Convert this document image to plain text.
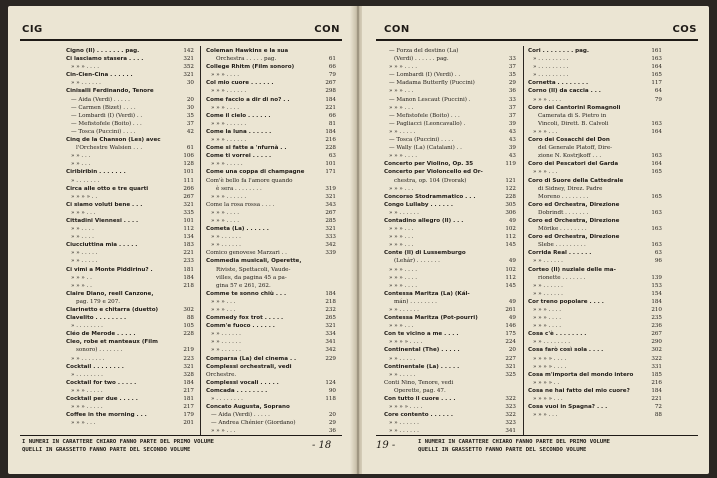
CIG	CON
Cigno (Il) . . . . . . . pag.	142
Ci lasciamo stasera . . . .	321
» » » . . . .	352
Cin-Cien-Cina . . . . . .	321
» » . . . . . .	30
Cinisalli Ferdinando, Tenore
— Aida (Verdi) . . . . .	20
— Carmen (Bizet) . . . .	30
— Lombardi (I) (Verdi) . .	35
— Mefistofele (Boito) . . .	37
— Tosca (Puccini) . . . .	42
Cinq de la Chanson (Les) avec
l'Orchestre Walsien . . .	61
» » . . .	106
» » . . .	128
Ciribiribin . . . . . . .	101
» . . . . . . .	111
Circa alle otto e tre quarti	266
» » » » . .	267
Ci siamo voluti bene . . .	321
» » » . . .	335
Cittadini Viennesi . . . .	101
» » . . . .	112
» » . . . .	134
Ciucciuttina mia . . . . .	183
» » . . . . .	221
» » . . . . .	233
Ci vimi a Monte Piddirinu? .	181
» » » . .	184
» » » . .	218
Claire Diano, reell Canzone,
pag. 179 e 207.
Clarinetto e chitarra (duetto)	302
Clavelito . . . . . . . .	88
» . . . . . . . .	105
Cléo de Merode . . . . .	228
Cleo, robe et manteaux (Film
sonoro) . . . . . . .	219
» » . . . . . . .	223
Cocktail . . . . . . . .	321
» . . . . . . . .	328
Cocktail for two . . . . .	184
» » » . . . . .	217
Cocktail per due . . . . .	181
» » » . . . . .	217
Coffee in the morning . . .	179
» » » . . .	201
Coleman Hawkins e la sua
Orchestra . . . . . pag.	61
College Rhitm (Film sonoro)	66
» » » . . . .	79
Col mio cuore . . . . . .	267
» » » . . . . . .	298
Come faccio a dir di no? . .	184
» » » . . . .	221
Come il cielo . . . . . .	66
» » » . . . . . .	81
Come la luna . . . . . .	184
» » » . . . . . .	216
Come si fatte a 'nfurnà . .	228
Come ti vorrei . . . . .	63
» » » . . . . .	101
Come una coppa di champagne	171
Com'è bello fa l'amore quando
è sera . . . . . . . .	319
» » » . . . . . .	321
Come la rosa rossa . . . .	343
» » » . . . .	267
» » » . . . .	285
Cometa (La) . . . . . .	321
» » . . . . . .	333
» » . . . . . .	342
Comico genovese Marzari . .	339
Commedia musicali, Operette,
Riviste, Spettacoli, Vaude-
villes, da pagina 45 a pa-
gina 57 e 261, 262.
Comme te sonno chiù . . .	184
» » » . . .	218
» » » . . .	232
Commedy fox trot . . . . .	265
Comm'e fuoco . . . . . .	321
» » . . . . . .	334
» » . . . . . .	341
» » . . . . . .	342
Comparsa (La) del cinema . .	229
Complessi orchestrali, vedi
Orchestre.
Complessi vocali . . . . .	124
Comcada . . . . . . . .	90
» . . . . . . . .	118
Concato Augusta, Soprano
— Aida (Verdi) . . . . .	20
— Andrea Chénier (Giordano)	29
» » » . . .	36
I NUMERI IN CARATTERE CHIARO FANNO PARTE DEL PRIMO VOLUME
QUELLI IN GRASSETTO FANNO PARTE DEL SECONDO VOLUME	- 18
CON	COS
— Forza del destino (La)
(Verdi) . . . . . . pag.	33
» » » . . . .	37
— Lombardi (I) (Verdi) . .	35
— Madama Butterfly (Puccini)	29
» » » . . .	36
— Manon Lescaut (Puccini) .	33
» » » . . .	37
— Mefistofele (Boito) . . .	37
— Pagliacci (Leoncavallo) .	39
» » . . . . .	43
— Tosca (Puccini) . . . .	43
— Wally (La) (Catalani) . .	39
» » » . . . .	43
Concerto per Violino, Op. 35	119
Concerto per Violoncello ed Or-
chestra, op. 104 (Dvorak)	121
» » » . . .	122
Concorso Stodrammatico . . .	228
Congo Lullaby . . . . . .	305
» » . . . . . .	306
Contadino allegro (Il) . . .	49
» » » . . .	102
» » » . . .	112
» » » . . .	145
Conte (Il) di Lussemburgo
(Lehár) . . . . . . .	49
» » » . . . .	102
» » » . . . .	112
» » » . . . .	145
Contessa Maritza (La) (Kál-
mán) . . . . . . . .	49
» » . . . . . .	261
Contessa Maritza (Pot-pourri)	49
» » » . . .	146
Con te vicino a me . . . .	175
» » » » . . . .	224
Continental (The) . . . . .	20
» » . . . . .	227
Continentale (La) . . . . .	321
» » . . . . .	325
Conti Nino, Tenore, vedi
Operette, pag. 47.
Con tutto il cuore . . . .	322
» » » » . . . .	323
Core contento . . . . . .	322
» » . . . . . .	323
» » . . . . . .	341
Cori . . . . . . . . pag.	161
» . . . . . . . . .	163
» . . . . . . . . .	164
» . . . . . . . . .	165
Cornetta . . . . . . . .	117
Corno (Il) da caccia . . .	64
» » » . . . .	79
Coro dei Cantorini Romagnoli
Camerata di S. Pietro in
Vincoli, Dirett. B. Calvoli	163
» » » . . .	164
Coro dei Cosacchi del Don
del Generale Platoff, Dire-
zione N. Kostrjkoff . . .	163
Coro dei Pescatori del Garda	164
» » » . . .	165
Coro di Suore della Cattedrale
di Sidney, Direz. Padre
Moreno . . . . . . . .	165
Coro ed Orchestra, Direzione
Dobrindt . . . . . . .	163
Coro ed Orchestra, Direzione
Mörike . . . . . . . .	163
Coro ed Orchestra, Direzione
Slebe . . . . . . . . .	163
Corrida Real . . . . . .	63
» » . . . . . .	96
Corteo (Il) nuziale delle ma-
rionette . . . . . . .	139
» » . . . . . .	153
» » . . . . . .	154
Cor treno popolare . . . .	184
» » » . . . .	210
» » » . . . .	235
» » » . . . .	236
Cosa c'è . . . . . . . .	267
» » . . . . . . . .	290
Cosa farò così sola . . . .	302
» » » » . . . .	322
» » » » . . . .	331
Cosa m'importa del mondo intero	185
» » » » . .	216
Cosa ne hai fatto del mio cuore?	184
» » » » . . .	221
Cosa vuoi in Spagna? . . .	72
» » » . . .	88
19 -	I NUMERI IN CARATTERE CHIARO FANNO PARTE DEL PRIMO VOLUME
QUELLI IN GRASSETTO FANNO PARTE DEL SECONDO VOLUME
